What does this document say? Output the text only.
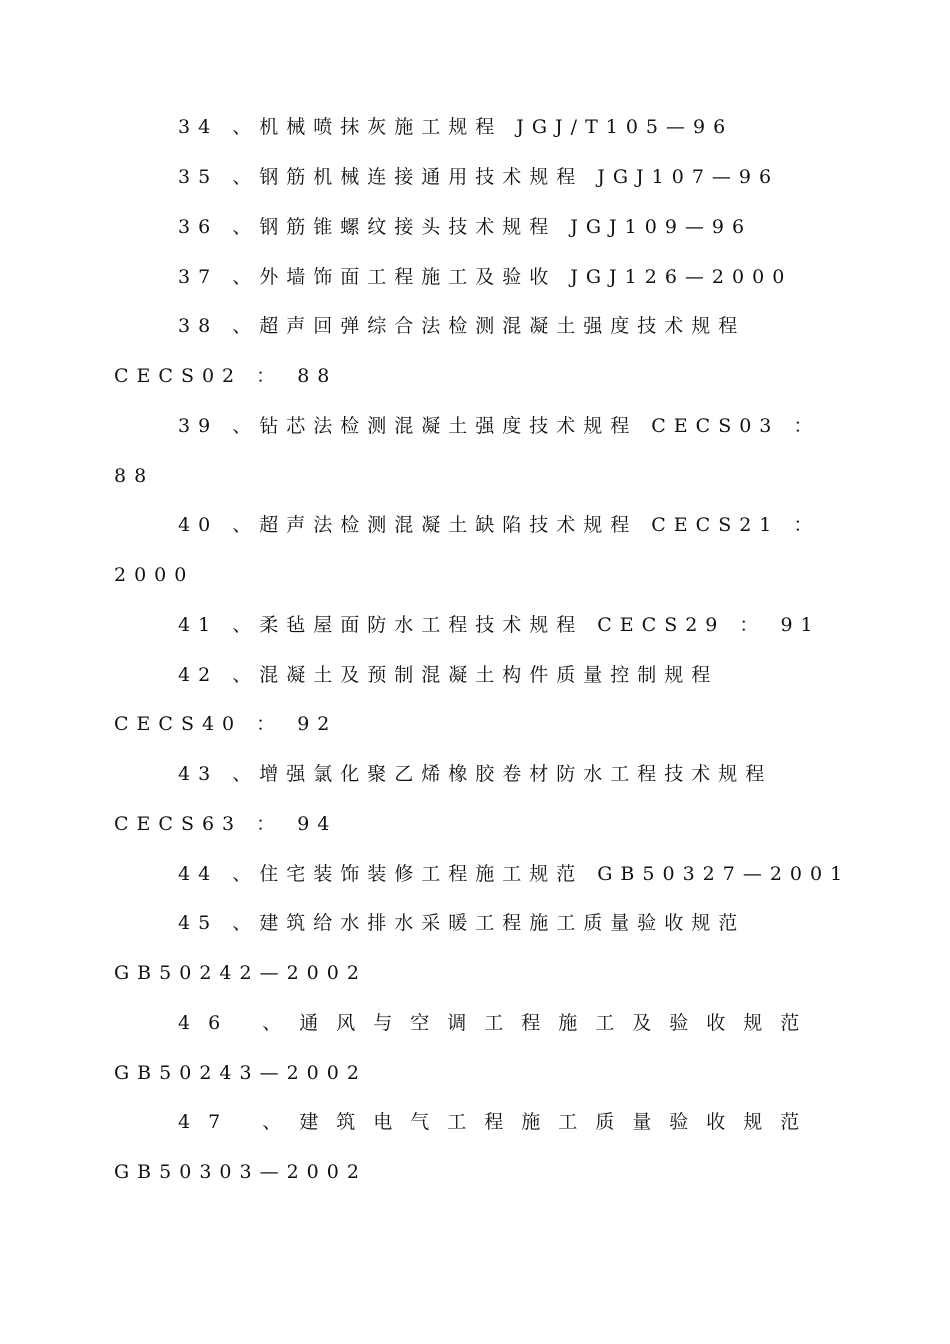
34 、机械喷抹灰施工规程 JGJ/T105—96
35 、钢筋机械连接通用技术规程 JGJ107—96
36 、钢筋锥螺纹接头技术规程 JGJ109—96
37 、外墙饰面工程施工及验收 JGJ126—2000
38 、超声回弹综合法检测混凝土强度技术规程
CECS02 ： 88
39 、钻芯法检测混凝土强度技术规程 CECS03 ：
88
40 、超声法检测混凝土缺陷技术规程 CECS21 ：
2000
41 、柔毡屋面防水工程技术规程 CECS29 ： 91
42 、混凝土及预制混凝土构件质量控制规程
CECS40 ： 92
43 、增强氯化聚乙烯橡胶卷材防水工程技术规程
CECS63 ： 94
44 、住宅装饰装修工程施工规范 GB50327—2001
45 、建筑给水排水采暖工程施工质量验收规范
GB50242—2002
46 、通风与空调工程施工及验收规范
GB50243—2002
47 、建筑电气工程施工质量验收规范
GB50303—2002
